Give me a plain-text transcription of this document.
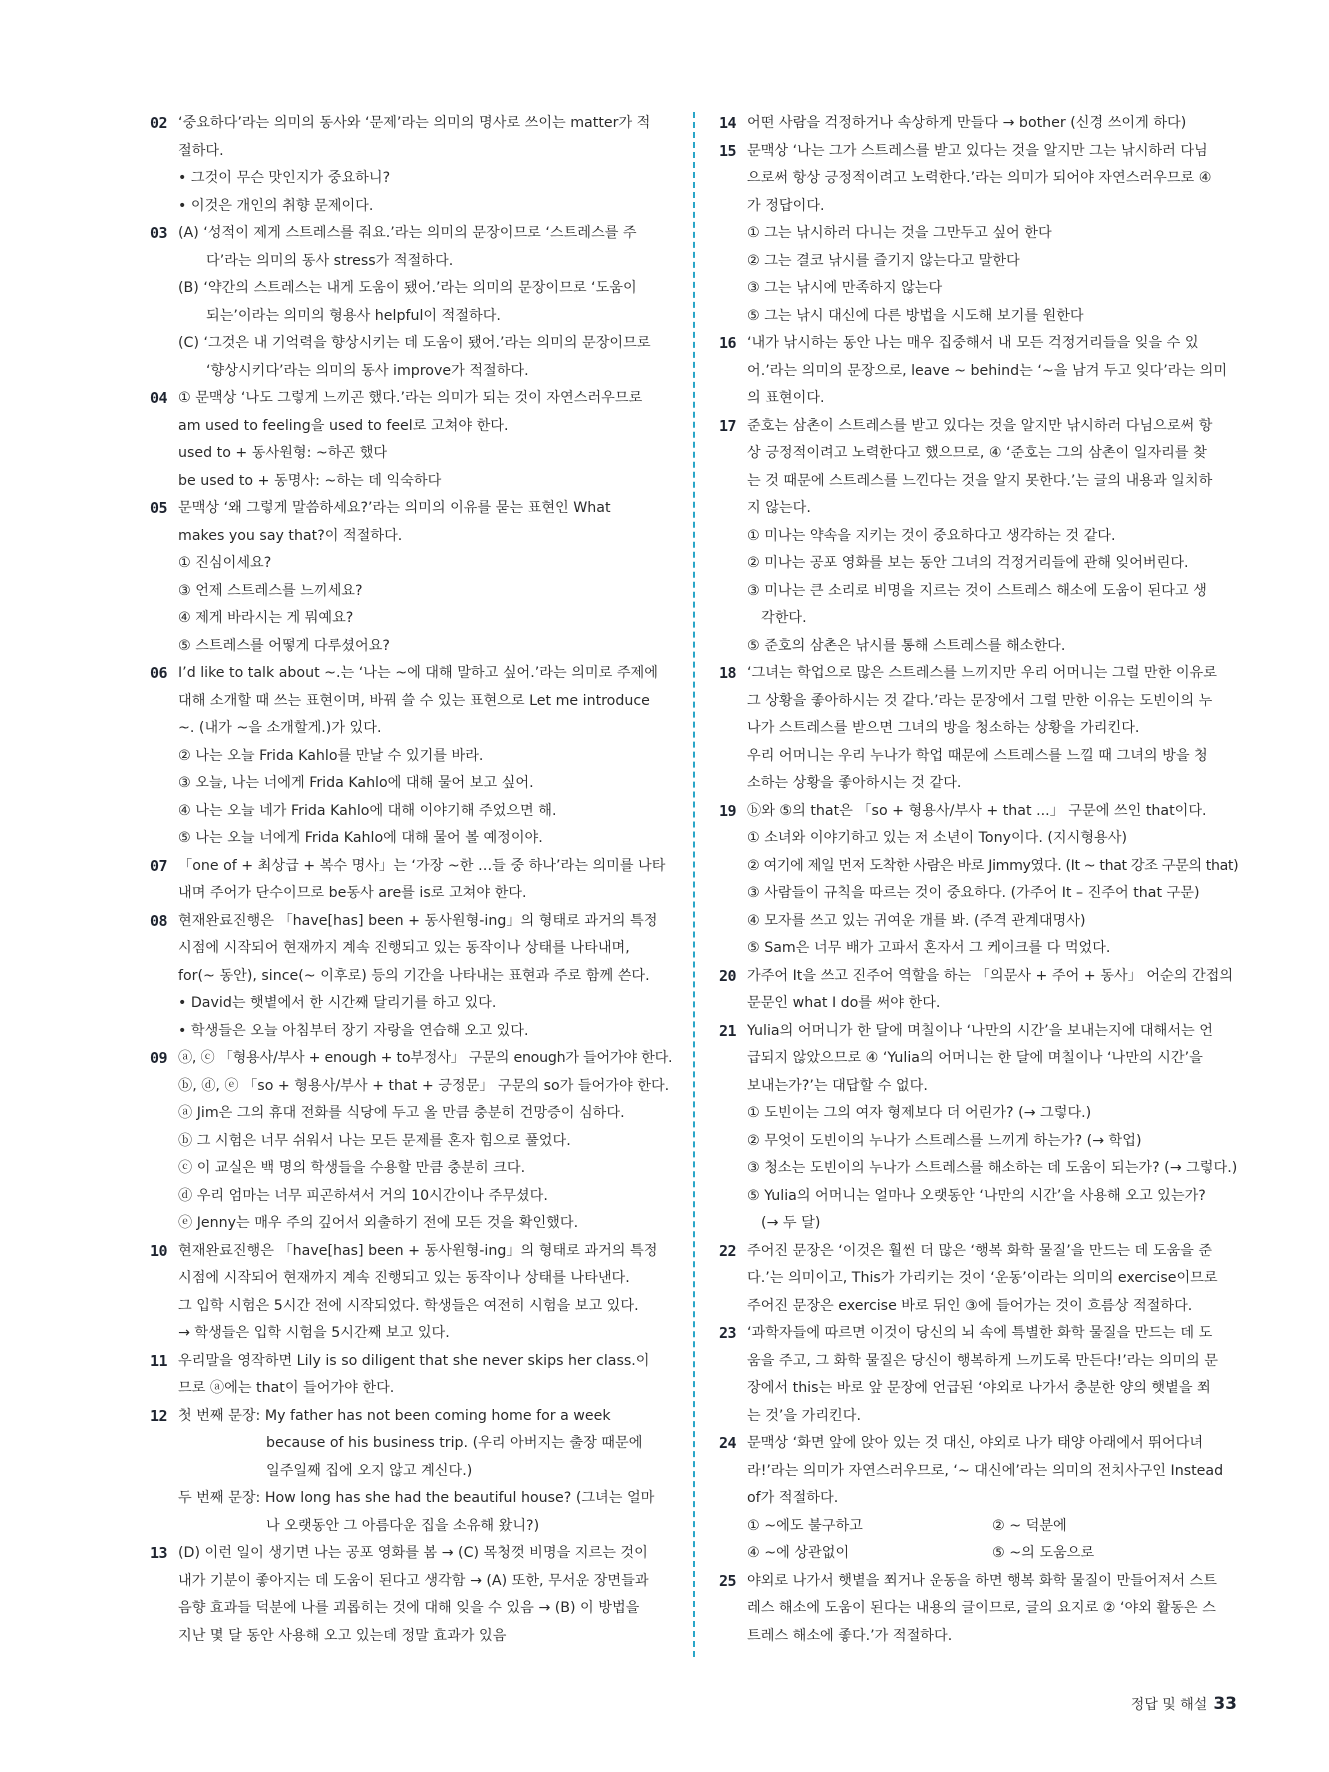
02 ‘중요하다’라는 의미의 동사와 ‘문제’라는 의미의 명사로 쓰이는 matter가 적
절하다.
• 그것이 무슨 맛인지가 중요하니?
• 이것은 개인의 취향 문제이다.
03 (A) ‘성적이 제게 스트레스를 줘요.’라는 의미의 문장이므로 ‘스트레스를 주
다’라는 의미의 동사 stress가 적절하다.
(B) ‘약간의 스트레스는 내게 도움이 됐어.’라는 의미의 문장이므로 ‘도움이
되는’이라는 의미의 형용사 helpful이 적절하다.
(C) ‘그것은 내 기억력을 향상시키는 데 도움이 됐어.’라는 의미의 문장이므로
‘향상시키다’라는 의미의 동사 improve가 적절하다.
04 ① 문맥상 ‘나도 그렇게 느끼곤 했다.’라는 의미가 되는 것이 자연스러우므로
am used to feeling을 used to feel로 고쳐야 한다.
used to + 동사원형: ~하곤 했다
be used to + 동명사: ~하는 데 익숙하다
05 문맥상 ‘왜 그렇게 말씀하세요?’라는 의미의 이유를 묻는 표현인 What
makes you say that?이 적절하다.
① 진심이세요?
③ 언제 스트레스를 느끼세요?
④ 제게 바라시는 게 뭐예요?
⑤ 스트레스를 어떻게 다루셨어요?
06 I’d like to talk about ~.는 ‘나는 ~에 대해 말하고 싶어.’라는 의미로 주제에
대해 소개할 때 쓰는 표현이며, 바꿔 쓸 수 있는 표현으로 Let me introduce
~. (내가 ~을 소개할게.)가 있다.
② 나는 오늘 Frida Kahlo를 만날 수 있기를 바라.
③ 오늘, 나는 너에게 Frida Kahlo에 대해 물어 보고 싶어.
④ 나는 오늘 네가 Frida Kahlo에 대해 이야기해 주었으면 해.
⑤ 나는 오늘 너에게 Frida Kahlo에 대해 물어 볼 예정이야.
07 「one of + 최상급 + 복수 명사」는 ‘가장 ~한 …들 중 하나’라는 의미를 나타
내며 주어가 단수이므로 be동사 are를 is로 고쳐야 한다.
08 현재완료진행은 「have[has] been + 동사원형-ing」의 형태로 과거의 특정
시점에 시작되어 현재까지 계속 진행되고 있는 동작이나 상태를 나타내며,
for(~ 동안), since(~ 이후로) 등의 기간을 나타내는 표현과 주로 함께 쓴다.
• David는 햇볕에서 한 시간째 달리기를 하고 있다.
• 학생들은 오늘 아침부터 장기 자랑을 연습해 오고 있다.
09 ⓐ, ⓒ 「형용사/부사 + enough + to부정사」 구문의 enough가 들어가야 한다.
ⓑ, ⓓ, ⓔ 「so + 형용사/부사 + that + 긍정문」 구문의 so가 들어가야 한다.
ⓐ Jim은 그의 휴대 전화를 식당에 두고 올 만큼 충분히 건망증이 심하다.
ⓑ 그 시험은 너무 쉬워서 나는 모든 문제를 혼자 힘으로 풀었다.
ⓒ 이 교실은 백 명의 학생들을 수용할 만큼 충분히 크다.
ⓓ 우리 엄마는 너무 피곤하셔서 거의 10시간이나 주무셨다.
ⓔ Jenny는 매우 주의 깊어서 외출하기 전에 모든 것을 확인했다.
10 현재완료진행은 「have[has] been + 동사원형-ing」의 형태로 과거의 특정
시점에 시작되어 현재까지 계속 진행되고 있는 동작이나 상태를 나타낸다.
그 입학 시험은 5시간 전에 시작되었다. 학생들은 여전히 시험을 보고 있다.
→ 학생들은 입학 시험을 5시간째 보고 있다.
11 우리말을 영작하면 Lily is so diligent that she never skips her class.이
므로 ⓐ에는 that이 들어가야 한다.
12 첫 번째 문장: My father has not been coming home for a week
because of his business trip. (우리 아버지는 출장 때문에
일주일째 집에 오지 않고 계신다.)
두 번째 문장: How long has she had the beautiful house? (그녀는 얼마
나 오랫동안 그 아름다운 집을 소유해 왔니?)
13 (D) 이런 일이 생기면 나는 공포 영화를 봄 → (C) 목청껏 비명을 지르는 것이
내가 기분이 좋아지는 데 도움이 된다고 생각함 → (A) 또한, 무서운 장면들과
음향 효과들 덕분에 나를 괴롭히는 것에 대해 잊을 수 있음 → (B) 이 방법을
지난 몇 달 동안 사용해 오고 있는데 정말 효과가 있음
14 어떤 사람을 걱정하거나 속상하게 만들다 → bother (신경 쓰이게 하다)
15 문맥상 ‘나는 그가 스트레스를 받고 있다는 것을 알지만 그는 낚시하러 다님
으로써 항상 긍정적이려고 노력한다.’라는 의미가 되어야 자연스러우므로 ④
가 정답이다.
① 그는 낚시하러 다니는 것을 그만두고 싶어 한다
② 그는 결코 낚시를 즐기지 않는다고 말한다
③ 그는 낚시에 만족하지 않는다
⑤ 그는 낚시 대신에 다른 방법을 시도해 보기를 원한다
16 ‘내가 낚시하는 동안 나는 매우 집중해서 내 모든 걱정거리들을 잊을 수 있
어.’라는 의미의 문장으로, leave ~ behind는 ‘~을 남겨 두고 잊다’라는 의미
의 표현이다.
17 준호는 삼촌이 스트레스를 받고 있다는 것을 알지만 낚시하러 다님으로써 항
상 긍정적이려고 노력한다고 했으므로, ④ ‘준호는 그의 삼촌이 일자리를 찾
는 것 때문에 스트레스를 느낀다는 것을 알지 못한다.’는 글의 내용과 일치하
지 않는다.
① 미나는 약속을 지키는 것이 중요하다고 생각하는 것 같다.
② 미나는 공포 영화를 보는 동안 그녀의 걱정거리들에 관해 잊어버린다.
③ 미나는 큰 소리로 비명을 지르는 것이 스트레스 해소에 도움이 된다고 생
각한다.
⑤ 준호의 삼촌은 낚시를 통해 스트레스를 해소한다.
18 ‘그녀는 학업으로 많은 스트레스를 느끼지만 우리 어머니는 그럴 만한 이유로
그 상황을 좋아하시는 것 같다.’라는 문장에서 그럴 만한 이유는 도빈이의 누
나가 스트레스를 받으면 그녀의 방을 청소하는 상황을 가리킨다.
우리 어머니는 우리 누나가 학업 때문에 스트레스를 느낄 때 그녀의 방을 청
소하는 상황을 좋아하시는 것 같다.
19 ⓑ와 ⑤의 that은 「so + 형용사/부사 + that ...」 구문에 쓰인 that이다.
① 소녀와 이야기하고 있는 저 소년이 Tony이다. (지시형용사)
② 여기에 제일 먼저 도착한 사람은 바로 Jimmy였다. (It ~ that 강조 구문의 that)
③ 사람들이 규칙을 따르는 것이 중요하다. (가주어 It – 진주어 that 구문)
④ 모자를 쓰고 있는 귀여운 개를 봐. (주격 관계대명사)
⑤ Sam은 너무 배가 고파서 혼자서 그 케이크를 다 먹었다.
20 가주어 It을 쓰고 진주어 역할을 하는 「의문사 + 주어 + 동사」 어순의 간접의
문문인 what I do를 써야 한다.
21 Yulia의 어머니가 한 달에 며칠이나 ‘나만의 시간’을 보내는지에 대해서는 언
급되지 않았으므로 ④ ‘Yulia의 어머니는 한 달에 며칠이나 ‘나만의 시간’을
보내는가?’는 대답할 수 없다.
① 도빈이는 그의 여자 형제보다 더 어린가? (→ 그렇다.)
② 무엇이 도빈이의 누나가 스트레스를 느끼게 하는가? (→ 학업)
③ 청소는 도빈이의 누나가 스트레스를 해소하는 데 도움이 되는가? (→ 그렇다.)
⑤ Yulia의 어머니는 얼마나 오랫동안 ‘나만의 시간’을 사용해 오고 있는가?
(→ 두 달)
22 주어진 문장은 ‘이것은 훨씬 더 많은 ‘행복 화학 물질’을 만드는 데 도움을 준
다.’는 의미이고, This가 가리키는 것이 ‘운동’이라는 의미의 exercise이므로
주어진 문장은 exercise 바로 뒤인 ③에 들어가는 것이 흐름상 적절하다.
23 ‘과학자들에 따르면 이것이 당신의 뇌 속에 특별한 화학 물질을 만드는 데 도
움을 주고, 그 화학 물질은 당신이 행복하게 느끼도록 만든다!’라는 의미의 문
장에서 this는 바로 앞 문장에 언급된 ‘야외로 나가서 충분한 양의 햇볕을 쬐
는 것’을 가리킨다.
24 문맥상 ‘화면 앞에 앉아 있는 것 대신, 야외로 나가 태양 아래에서 뛰어다녀
라!’라는 의미가 자연스러우므로, ‘~ 대신에’라는 의미의 전치사구인 Instead
of가 적절하다.
① ~에도 불구하고	② ~ 덕분에
④ ~에 상관없이	⑤ ~의 도움으로
25 야외로 나가서 햇볕을 쬐거나 운동을 하면 행복 화학 물질이 만들어져서 스트
레스 해소에 도움이 된다는 내용의 글이므로, 글의 요지로 ② ‘야외 활동은 스
트레스 해소에 좋다.’가 적절하다.
정답 및 해설 33
